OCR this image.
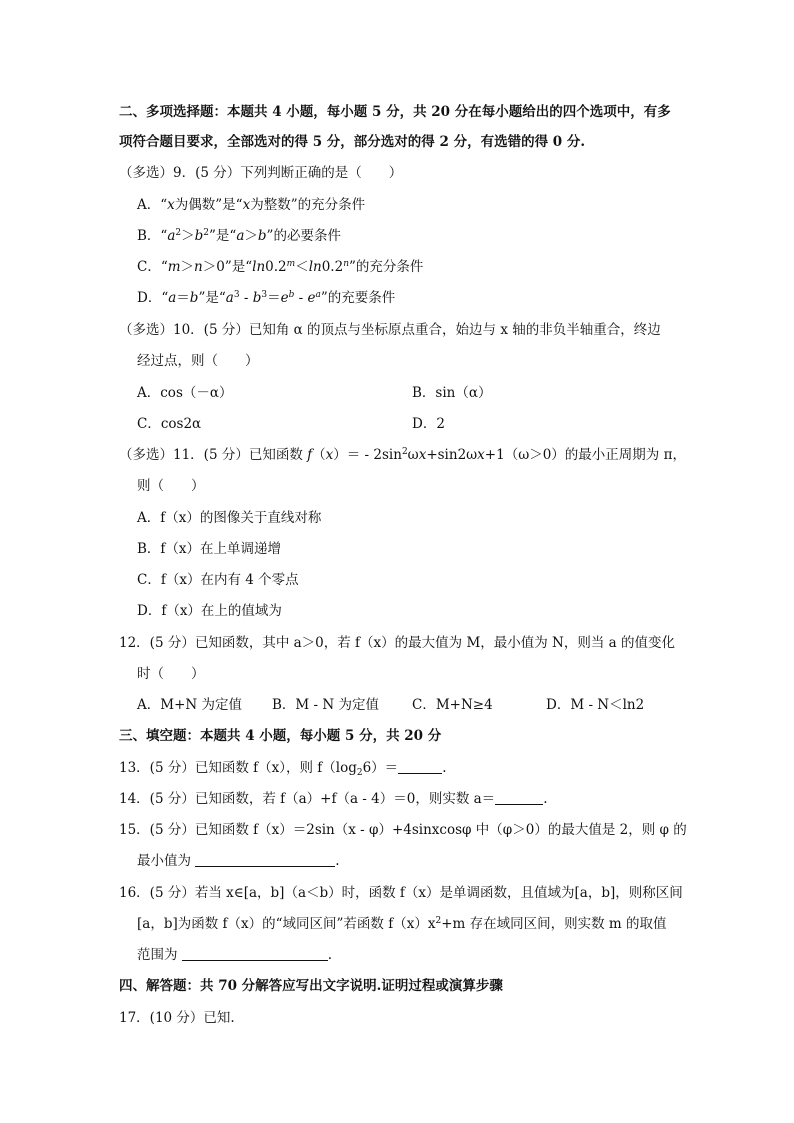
二、多项选择题：本题共 4 小题，每小题 5 分，共 20 分在每小题给出的四个选项中，有多
项符合题目要求，全部选对的得 5 分，部分选对的得 2 分，有选错的得 0 分.
（多选）9．(5 分）下列判断正确的是（　　）
A．“x为偶数”是“x为整数”的充分条件
B．“$a^2>b^2$”是“a＞b”的必要条件
C．“m＞n＞0”是“$\ln 0.2^m<\ln 0.2^n$”的充分条件
D．“a＝b”是“$a^3 - b^3=e^b - e^a$”的充要条件
（多选）10．(5 分）已知角 α 的顶点与坐标原点重合，始边与 x 轴的非负半轴重合，终边
经过点，则（　　）
A．cos（－α）	B．sin（α）
C．cos2α	D．2
（多选）11．(5 分）已知函数 $f(x)= - 2\sin^2\omega x+\sin 2\omega x+1(\omega>0)$的最小正周期为 π，
则（　　）
A．f（x）的图像关于直线对称
B．f（x）在上单调递增
C．f（x）在内有 4 个零点
D．f（x）在上的值域为
12．(5 分）已知函数，其中 a＞0，若 f（x）的最大值为 M，最小值为 N，则当 a 的值变化
时（　　）
A．M+N 为定值 B．M - N 为定值 C．M+N≥4	D．M - N＜ln2
三、填空题：本题共 4 小题，每小题 5 分，共 20 分
13．(5 分）已知函数 f（x），则 $f(\log_26)=$	.
14．(5 分）已知函数，若 f（a）+f（a - 4）＝0，则实数 a＝	.
15．(5 分）已知函数 f（x）＝2sin（x - φ）+4sinxcosφ 中（φ＞0）的最大值是 2，则 φ 的
最小值为	.
16．(5 分）若当 x∈[a，b]（a＜b）时，函数 f（x）是单调函数，且值域为[a，b]，则称区间
[a，b]为函数 f（x）的“域同区间”若函数 $f(x)x^2+m$ 存在域同区间，则实数 m 的取值
范围为	.
四、解答题：共 70 分解答应写出文字说明.证明过程或演算步骤
17．(10 分）已知.
